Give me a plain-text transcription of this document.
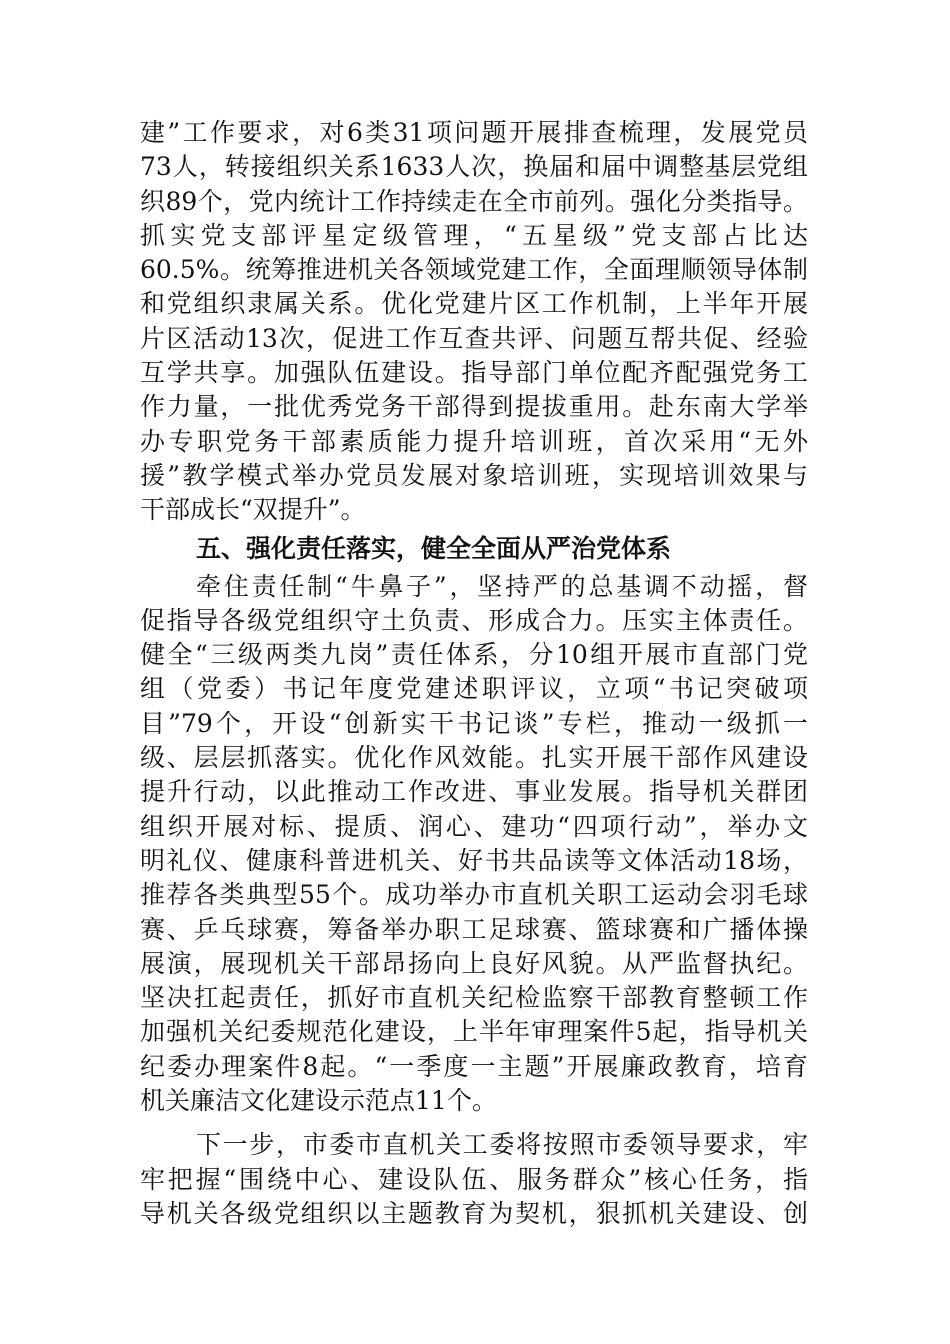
建”工作要求，对6类31项问题开展排查梳理，发展党员
73人，转接组织关系1633人次，换届和届中调整基层党组
织89个，党内统计工作持续走在全市前列。强化分类指导。
抓实党支部评星定级管理，“五星级”党支部占比达
60.5%。统筹推进机关各领域党建工作，全面理顺领导体制
和党组织隶属关系。优化党建片区工作机制，上半年开展
片区活动13次，促进工作互查共评、问题互帮共促、经验
互学共享。加强队伍建设。指导部门单位配齐配强党务工
作力量，一批优秀党务干部得到提拔重用。赴东南大学举
办专职党务干部素质能力提升培训班，首次采用“无外
援”教学模式举办党员发展对象培训班，实现培训效果与
干部成长“双提升”。
五、强化责任落实，健全全面从严治党体系
牵住责任制“牛鼻子”，坚持严的总基调不动摇，督
促指导各级党组织守土负责、形成合力。压实主体责任。
健全“三级两类九岗”责任体系，分10组开展市直部门党
组（党委）书记年度党建述职评议，立项“书记突破项
目”79个，开设“创新实干书记谈”专栏，推动一级抓一
级、层层抓落实。优化作风效能。扎实开展干部作风建设
提升行动，以此推动工作改进、事业发展。指导机关群团
组织开展对标、提质、润心、建功“四项行动”，举办文
明礼仪、健康科普进机关、好书共品读等文体活动18场，
推荐各类典型55个。成功举办市直机关职工运动会羽毛球
赛、乒乓球赛，筹备举办职工足球赛、篮球赛和广播体操
展演，展现机关干部昂扬向上良好风貌。从严监督执纪。
坚决扛起责任，抓好市直机关纪检监察干部教育整顿工作
加强机关纪委规范化建设，上半年审理案件5起，指导机关
纪委办理案件8起。“一季度一主题”开展廉政教育，培育
机关廉洁文化建设示范点11个。
下一步，市委市直机关工委将按照市委领导要求，牢
牢把握“围绕中心、建设队伍、服务群众”核心任务，指
导机关各级党组织以主题教育为契机，狠抓机关建设、创
